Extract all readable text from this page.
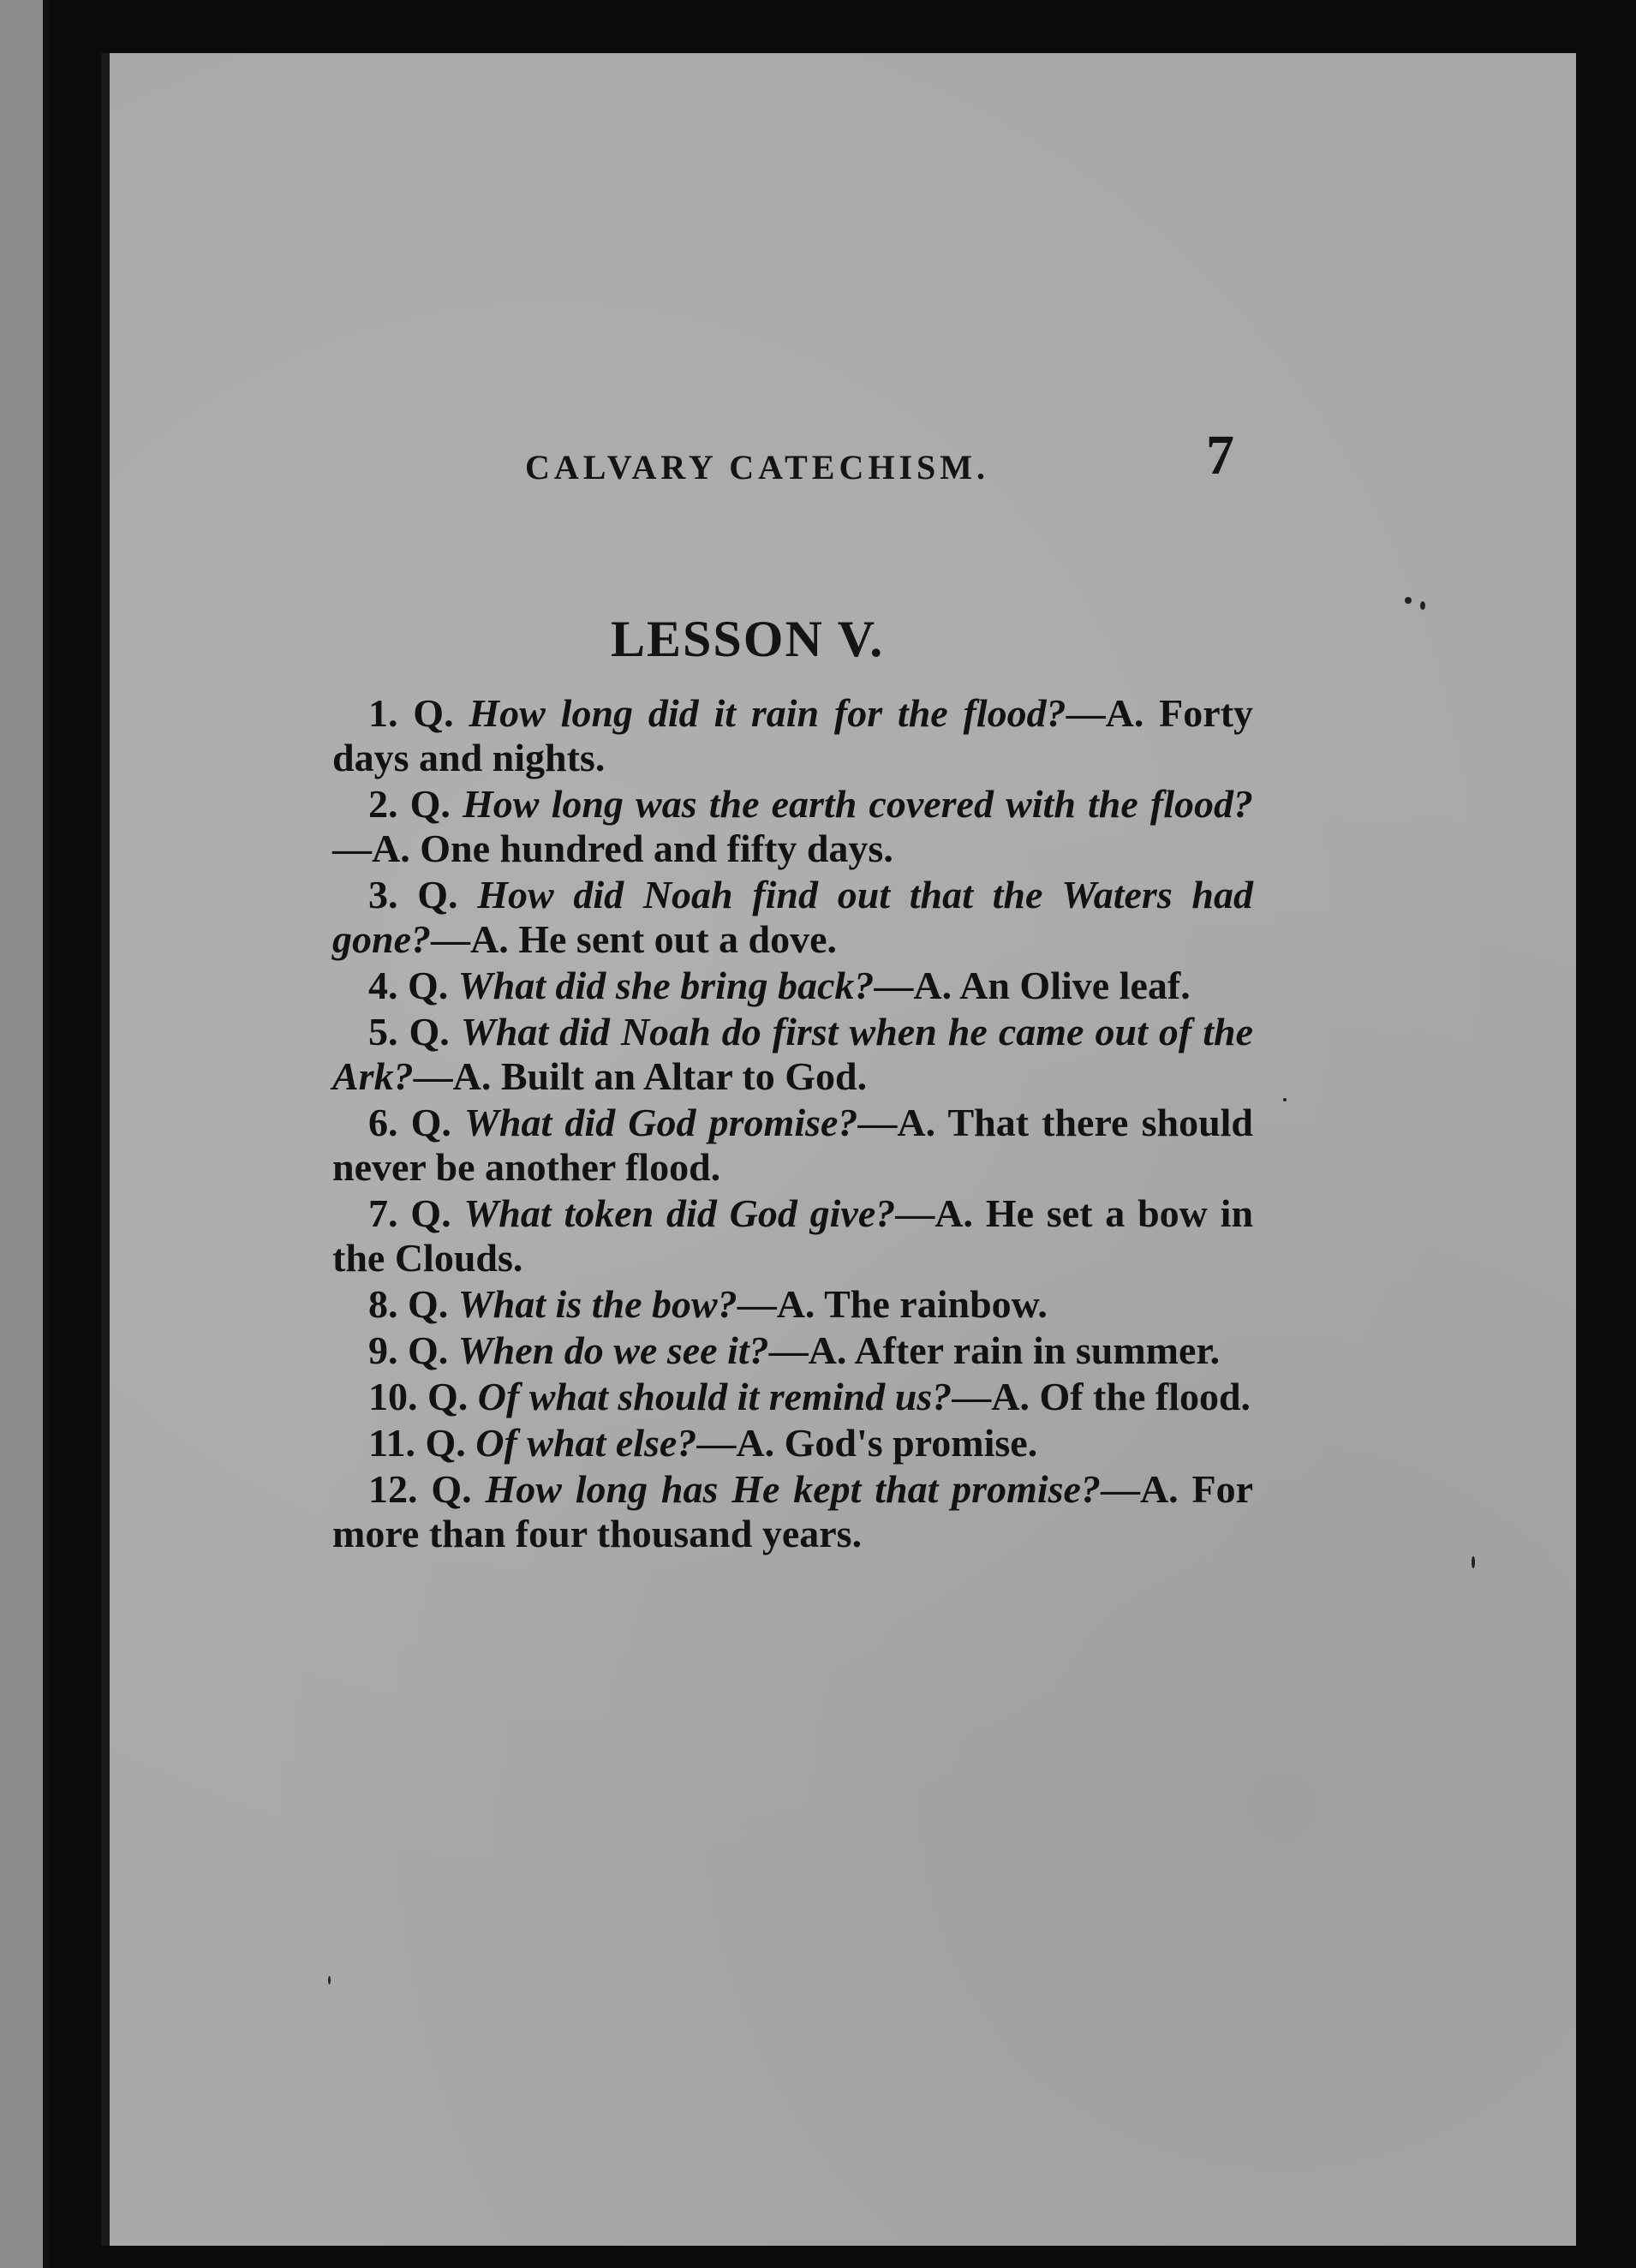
CALVARY CATECHISM.	7
LESSON V.

1. Q. How long did it rain for the flood?—A. Forty days and nights.

2. Q. How long was the earth covered with the flood?—A. One hundred and fifty days.

3. Q. How did Noah find out that the Waters had gone?—A. He sent out a dove.

4. Q. What did she bring back?—A. An Olive leaf.

5. Q. What did Noah do first when he came out of the Ark?—A. Built an Altar to God.

6. Q. What did God promise?—A. That there should never be another flood.

7. Q. What token did God give?—A. He set a bow in the Clouds.

8. Q. What is the bow?—A. The rainbow.

9. Q. When do we see it?—A. After rain in summer.

10. Q. Of what should it remind us?—A. Of the flood.

11. Q. Of what else?—A. God's promise.

12. Q. How long has He kept that promise?—A. For more than four thousand years.
